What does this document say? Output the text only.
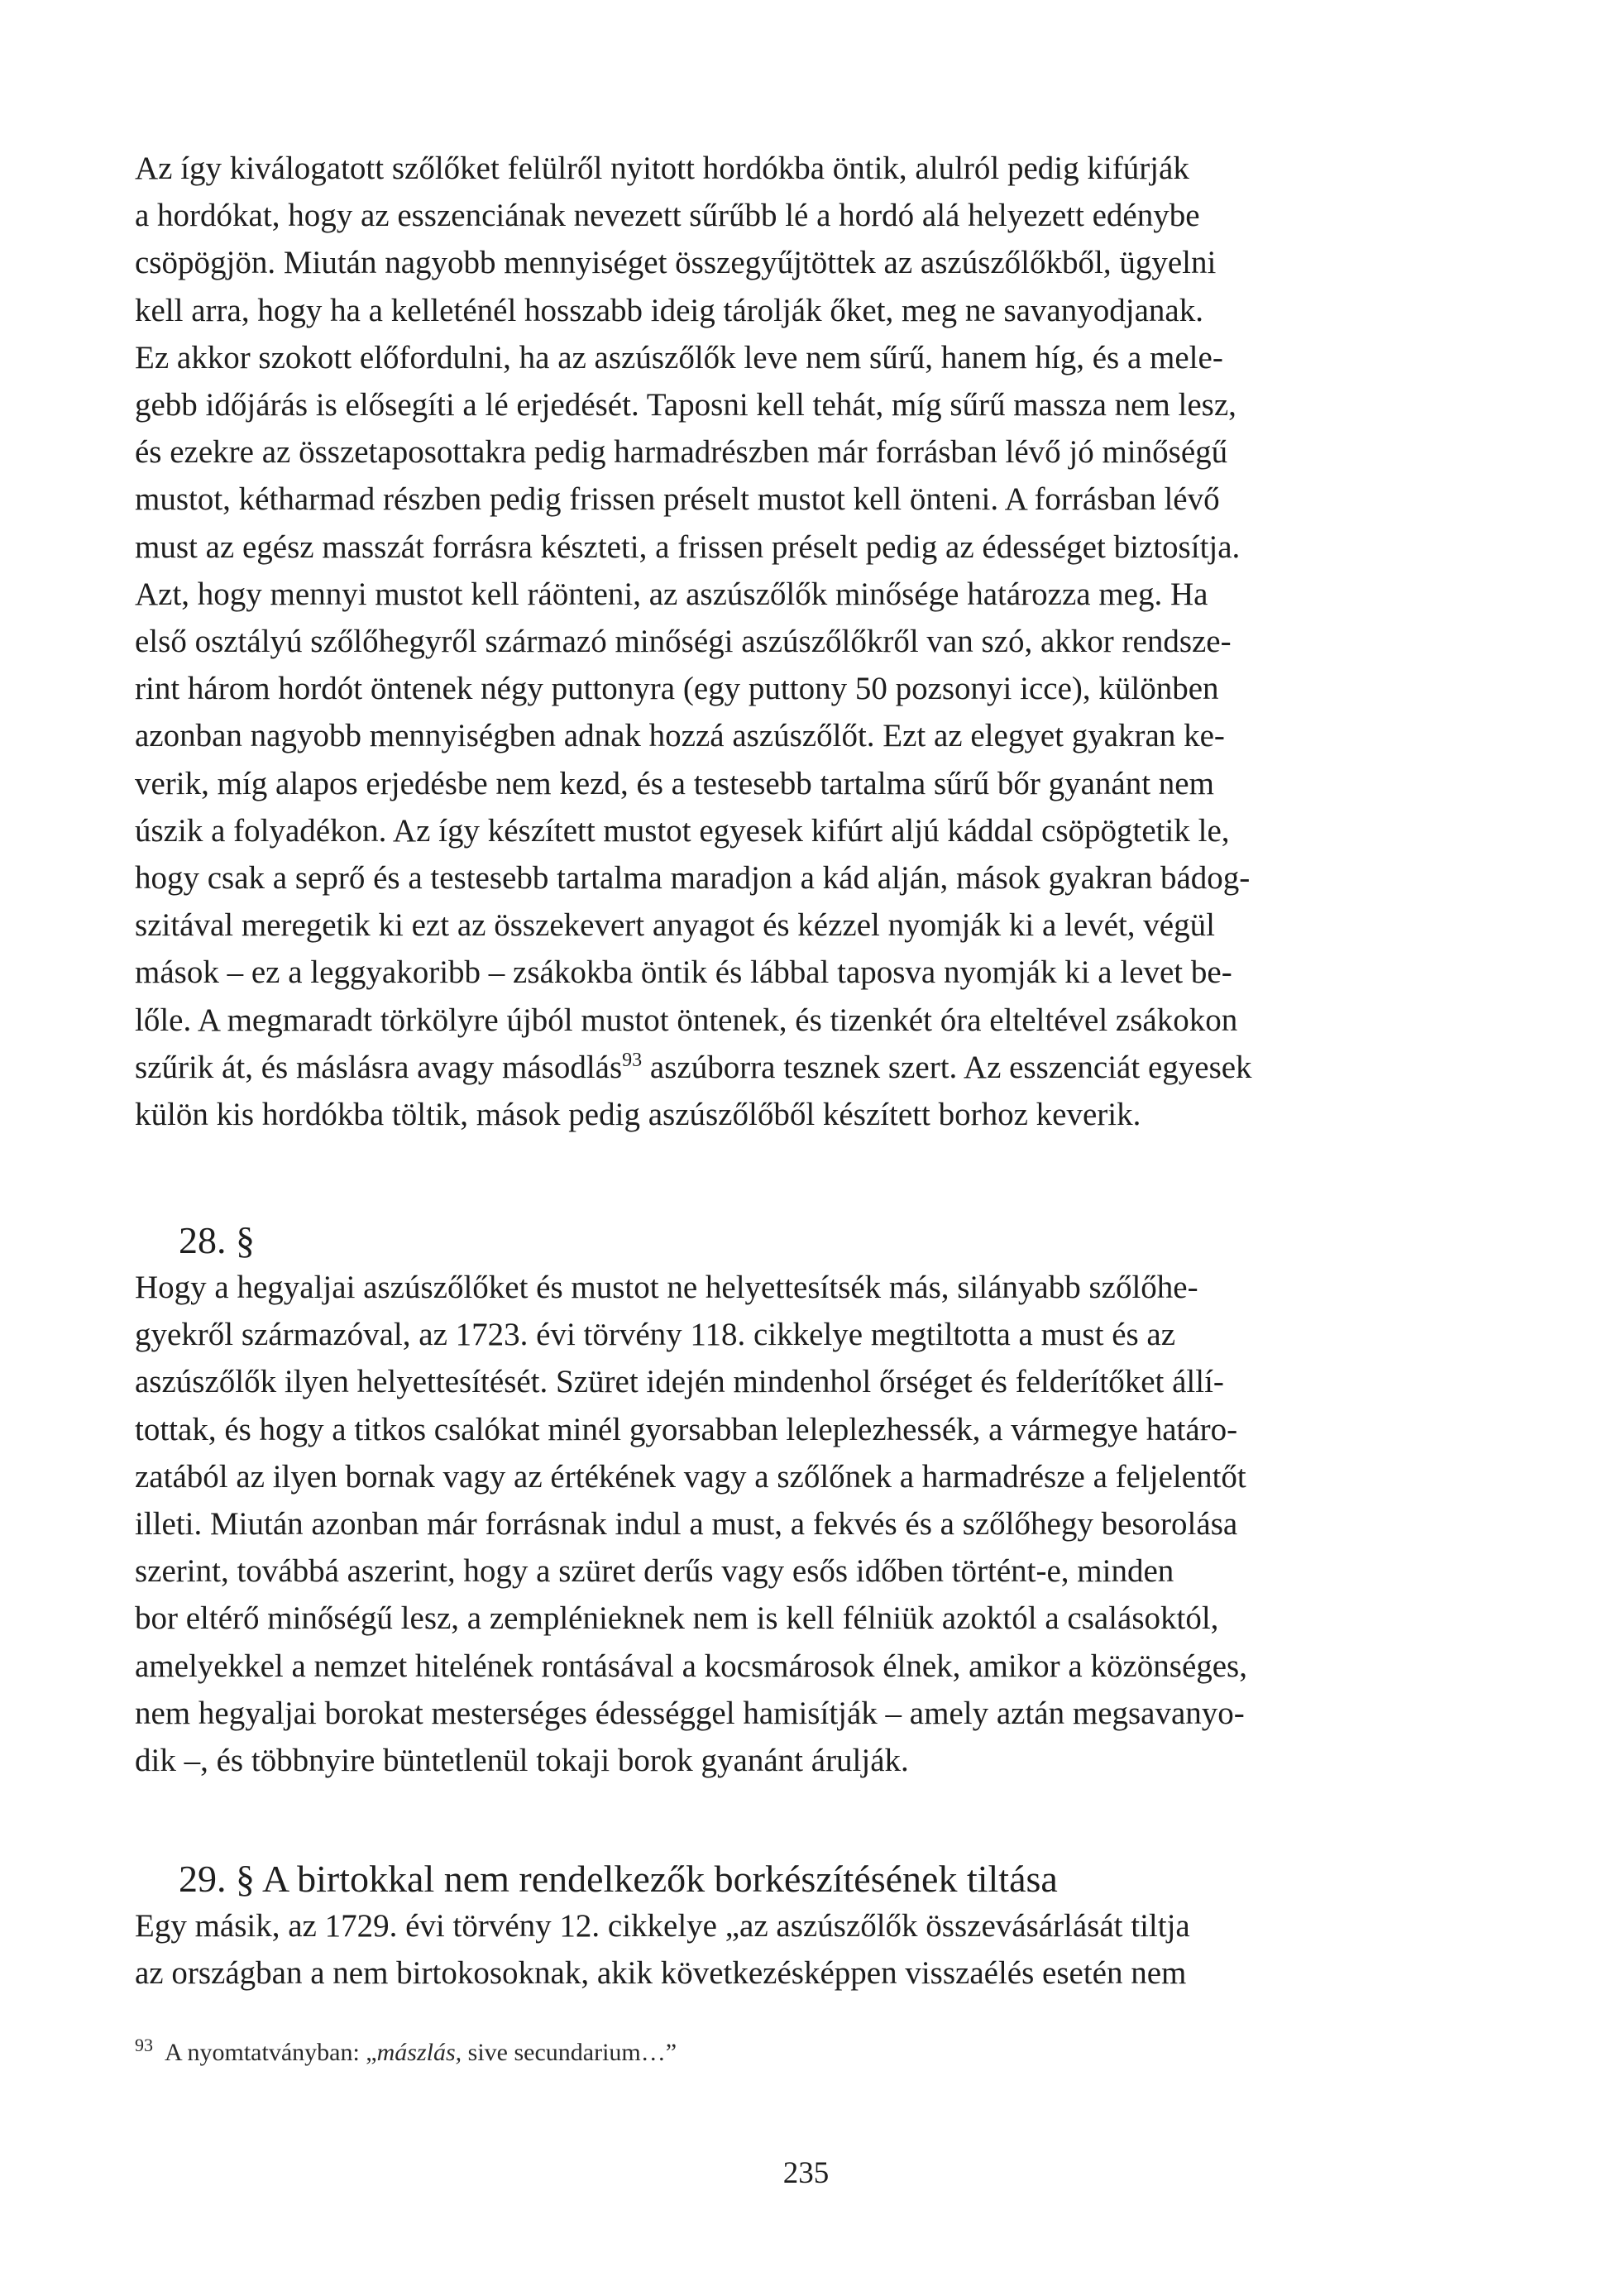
Az így kiválogatott szőlőket felülről nyitott hordókba öntik, alulról pedig kifúrják
a hordókat, hogy az esszenciának nevezett sűrűbb lé a hordó alá helyezett edénybe
csöpögjön. Miután nagyobb mennyiséget összegyűjtöttek az aszúszőlőkből, ügyelni
kell arra, hogy ha a kelleténél hosszabb ideig tárolják őket, meg ne savanyodjanak.
Ez akkor szokott előfordulni, ha az aszúszőlők leve nem sűrű, hanem híg, és a mele-
gebb időjárás is elősegíti a lé erjedését. Taposni kell tehát, míg sűrű massza nem lesz,
és ezekre az összetaposottakra pedig harmadrészben már forrásban lévő jó minőségű
mustot, kétharmad részben pedig frissen préselt mustot kell önteni. A forrásban lévő
must az egész masszát forrásra készteti, a frissen préselt pedig az édességet biztosítja.
Azt, hogy mennyi mustot kell ráönteni, az aszúszőlők minősége határozza meg. Ha
első osztályú szőlőhegyről származó minőségi aszúszőlőkről van szó, akkor rendsze-
rint három hordót öntenek négy puttonyra (egy puttony 50 pozsonyi icce), különben
azonban nagyobb mennyiségben adnak hozzá aszúszőlőt. Ezt az elegyet gyakran ke-
verik, míg alapos erjedésbe nem kezd, és a testesebb tartalma sűrű bőr gyanánt nem
úszik a folyadékon. Az így készített mustot egyesek kifúrt aljú káddal csöpögtetik le,
hogy csak a seprő és a testesebb tartalma maradjon a kád alján, mások gyakran bádog-
szitával meregetik ki ezt az összekevert anyagot és kézzel nyomják ki a levét, végül
mások – ez a leggyakoribb – zsákokba öntik és lábbal taposva nyomják ki a levet be-
lőle. A megmaradt törkölyre újból mustot öntenek, és tizenkét óra elteltével zsákokon
szűrik át, és máslásra avagy másodlás$^{93}$ aszúborra tesznek szert. Az esszenciát egyesek
külön kis hordókba töltik, mások pedig aszúszőlőből készített borhoz keverik.

28. §

Hogy a hegyaljai aszúszőlőket és mustot ne helyettesítsék más, silányabb szőlőhe-
gyekről származóval, az 1723. évi törvény 118. cikkelye megtiltotta a must és az
aszúszőlők ilyen helyettesítését. Szüret idején mindenhol őrséget és felderítőket állí-
tottak, és hogy a titkos csalókat minél gyorsabban leleplezhessék, a vármegye határo-
zatából az ilyen bornak vagy az értékének vagy a szőlőnek a harmadrésze a feljelentőt
illeti. Miután azonban már forrásnak indul a must, a fekvés és a szőlőhegy besorolása
szerint, továbbá aszerint, hogy a szüret derűs vagy esős időben történt-e, minden
bor eltérő minőségű lesz, a zemplénieknek nem is kell félniük azoktól a csalásoktól,
amelyekkel a nemzet hitelének rontásával a kocsmárosok élnek, amikor a közönséges,
nem hegyaljai borokat mesterséges édességgel hamisítják – amely aztán megsavanyo-
dik –, és többnyire büntetlenül tokaji borok gyanánt árulják.

29. § A birtokkal nem rendelkezők borkészítésének tiltása

Egy másik, az 1729. évi törvény 12. cikkelye „az aszúszőlők összevásárlását tiltja
az országban a nem birtokosoknak, akik következésképpen visszaélés esetén nem

$^{93}$ A nyomtatványban: „mászlás, sive secundarium…”
235
